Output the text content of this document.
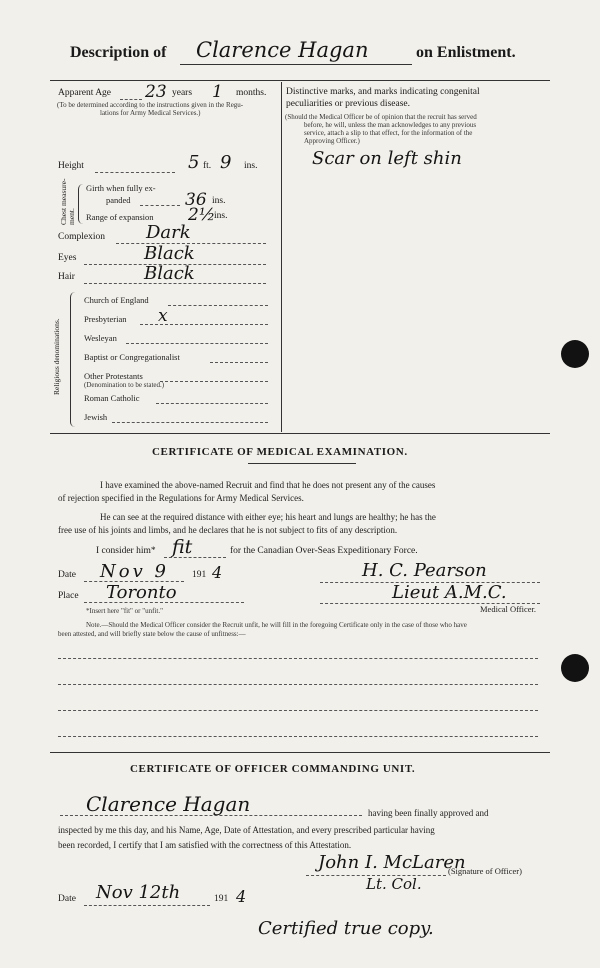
Description of Clarence Hagan	on Enlistment.
Apparent Age 23 years 1 months.
(To be determined according to the instructions given in the Regu-
lations for Army Medical Services.)
Height	5 ft. 9 ins.
Chest measure-ment.
Girth when fully ex-
panded	36 ins.
Range of expansion 2½
ins.
Complexion Dark
Eyes	Black
Hair	Black
Religious denominations.
Church of England
Presbyterian x
Wesleyan
Baptist or Congregationalist
Other Protestants
(Denomination to be stated.)
Roman Catholic
Jewish
Distinctive marks, and marks indicating congenital
peculiarities or previous disease.
(Should the Medical Officer be of opinion that the recruit has served
before, he will, unless the man acknowledges to any previous
service, attach a slip to that effect, for the information of the
Approving Officer.)
Scar on left shin
CERTIFICATE OF MEDICAL EXAMINATION.
I have examined the above-named Recruit and find that he does not present any of the causes
of rejection specified in the Regulations for Army Medical Services.
He can see at the required distance with either eye; his heart and lungs are healthy; he has the
free use of his joints and limbs, and he declares that he is not subject to fits of any description.
I consider him* fit	for the Canadian Over-Seas Expeditionary Force.
Date Nov 9 191 4	H. C. Pearson
Place Toronto	Lieut A.M.C.
Medical Officer.
*Insert here "fit" or "unfit."
Note.—Should the Medical Officer consider the Recruit unfit, he will fill in the foregoing Certificate only in the case of those who have
been attested, and will briefly state below the cause of unfitness:—
CERTIFICATE OF OFFICER COMMANDING UNIT.
Clarence Hagan	having been finally approved and
inspected by me this day, and his Name, Age, Date of Attestation, and every prescribed particular having
been recorded, I certify that I am satisfied with the correctness of this Attestation.
John I. McLaren
(Signature of Officer)
Lt. Col.
Date Nov 12th	191 4
Certified true copy.
